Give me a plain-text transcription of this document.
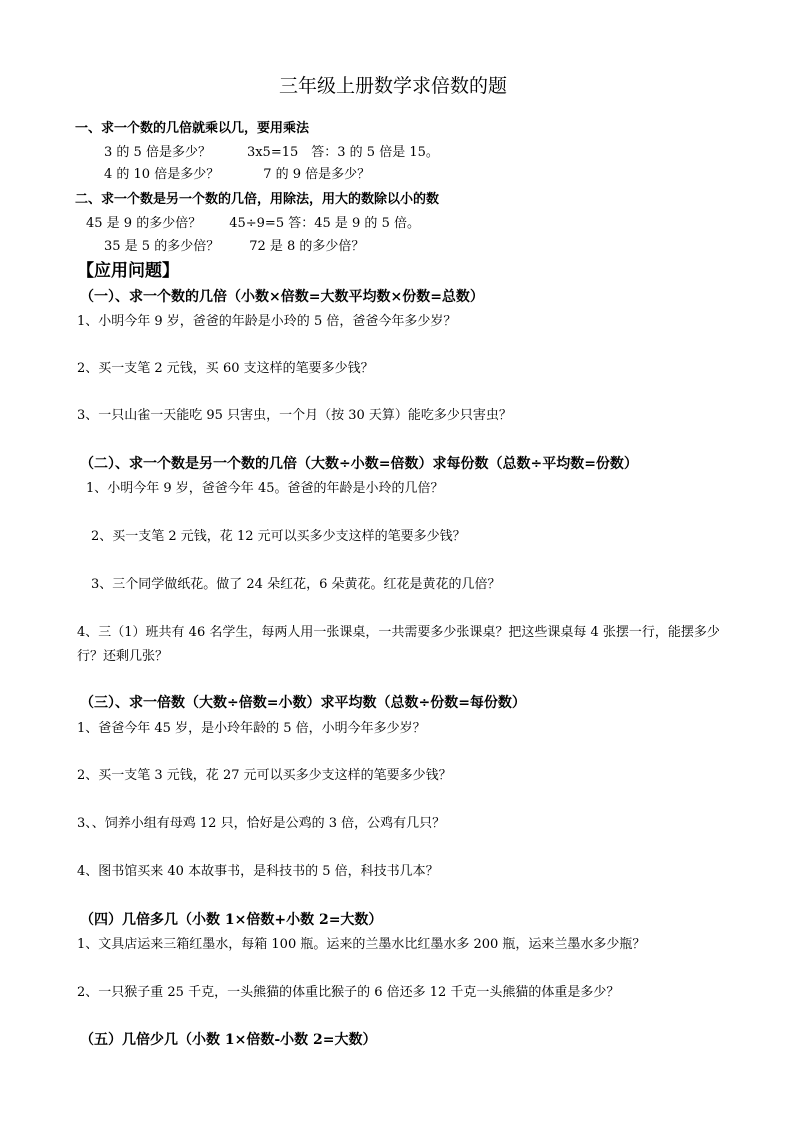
三年级上册数学求倍数的题
一、求一个数的几倍就乘以几，要用乘法
3 的 5 倍是多少？	3x5=15　答：3 的 5 倍是 15。
4 的 10 倍是多少？	7 的 9 倍是多少？
二、求一个数是另一个数的几倍，用除法，用大的数除以小的数
45 是 9 的多少倍？ 45÷9=5 答：45 是 9 的 5 倍。
35 是 5 的多少倍？ 72 是 8 的多少倍？
【应用问题】
（一）、求一个数的几倍（小数×倍数=大数平均数×份数=总数）
1、小明今年 9 岁，爸爸的年龄是小玲的 5 倍，爸爸今年多少岁？
2、买一支笔 2 元钱，买 60 支这样的笔要多少钱？
3、一只山雀一天能吃 95 只害虫，一个月（按 30 天算）能吃多少只害虫？
（二）、求一个数是另一个数的几倍（大数÷小数=倍数）求每份数（总数÷平均数=份数）
1、小明今年 9 岁，爸爸今年 45。爸爸的年龄是小玲的几倍？
2、买一支笔 2 元钱，花 12 元可以买多少支这样的笔要多少钱？
3、三个同学做纸花。做了 24 朵红花，6 朵黄花。红花是黄花的几倍？
4、三（1）班共有 46 名学生，每两人用一张课桌，一共需要多少张课桌？把这些课桌每 4 张摆一行，能摆多少行？还剩几张？
（三）、求一倍数（大数÷倍数=小数）求平均数（总数÷份数=每份数）
1、爸爸今年 45 岁，是小玲年龄的 5 倍，小明今年多少岁？
2、买一支笔 3 元钱，花 27 元可以买多少支这样的笔要多少钱？
3、、饲养小组有母鸡 12 只，恰好是公鸡的 3 倍，公鸡有几只？
4、图书馆买来 40 本故事书，是科技书的 5 倍，科技书几本？
（四）几倍多几（小数 1×倍数+小数 2=大数）
1、文具店运来三箱红墨水，每箱 100 瓶。运来的兰墨水比红墨水多 200 瓶，运来兰墨水多少瓶？
2、一只猴子重 25 千克，一头熊猫的体重比猴子的 6 倍还多 12 千克一头熊猫的体重是多少？
（五）几倍少几（小数 1×倍数-小数 2=大数）
